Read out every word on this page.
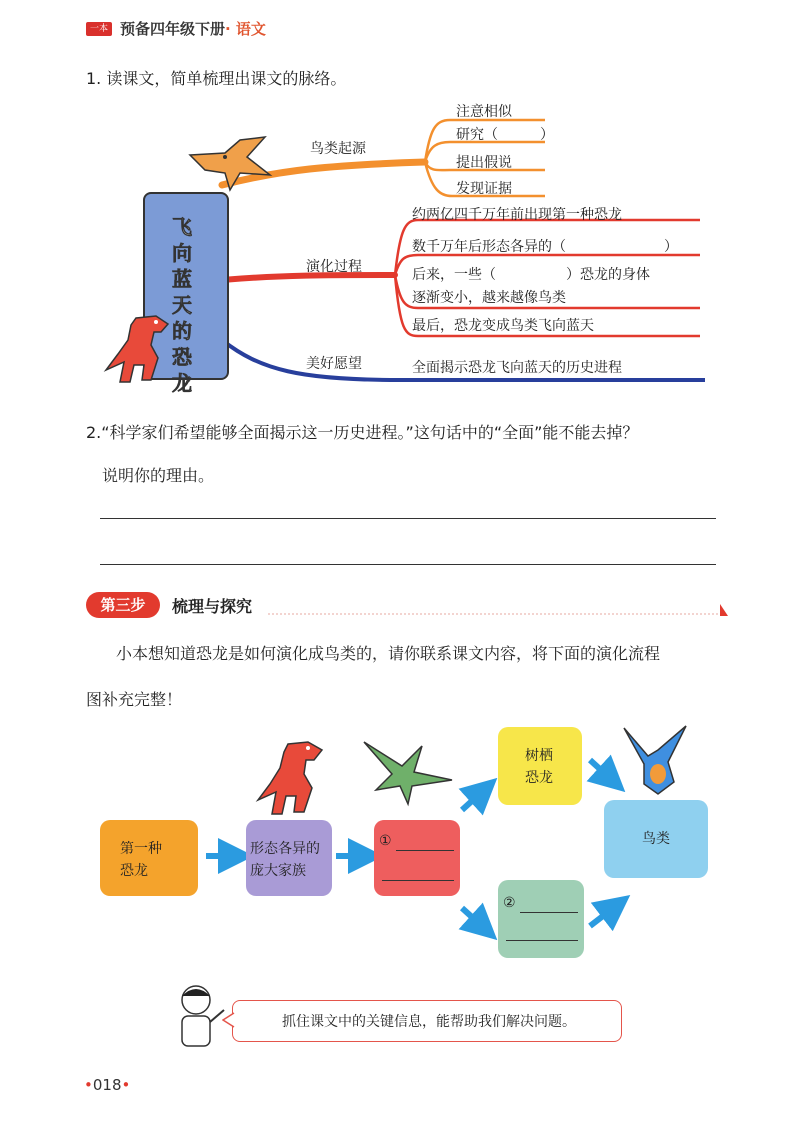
一本 预备四年级下册· 语文
1. 读课文，简单梳理出课文的脉络。
飞向蓝天的恐龙
鸟类起源
演化过程
美好愿望
注意相似
研究（　　　）
提出假说
发现证据
约两亿四千万年前出现第一种恐龙
数千万年后形态各异的（　　　　　　　）
后来，一些（　　　　　）恐龙的身体
逐渐变小，越来越像鸟类
最后，恐龙变成鸟类飞向蓝天
全面揭示恐龙飞向蓝天的历史进程
2.“科学家们希望能够全面揭示这一历史进程。”这句话中的“全面”能不能去掉？
说明你的理由。
第三步	梳理与探究
小本想知道恐龙是如何演化成鸟类的，请你联系课文内容，将下面的演化流程
图补充完整！
第一种
恐龙
形态各异的
庞大家族
①
树栖
恐龙
②
鸟类
抓住课文中的关键信息，能帮助我们解决问题。
•018•
